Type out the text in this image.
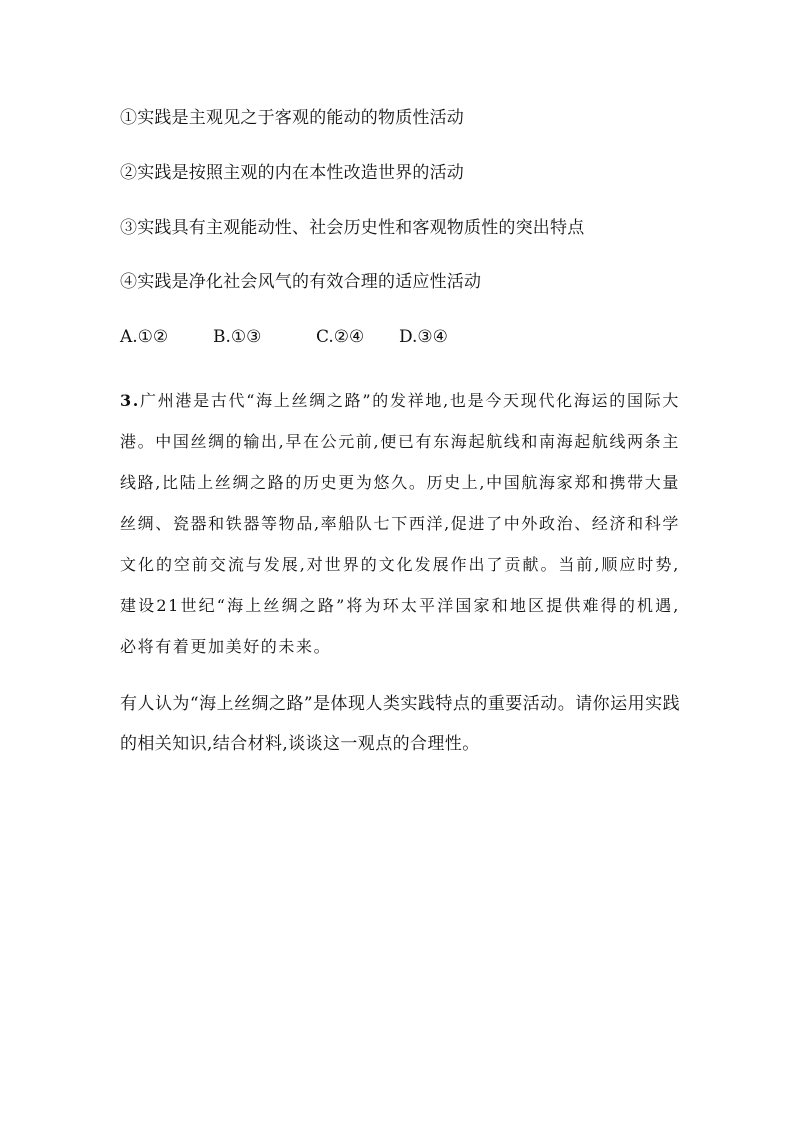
①实践是主观见之于客观的能动的物质性活动
②实践是按照主观的内在本性改造世界的活动
③实践具有主观能动性、社会历史性和客观物质性的突出特点
④实践是净化社会风气的有效合理的适应性活动
A.①②	B.①③	C.②④ D.③④
3.广州港是古代“海上丝绸之路”的发祥地,也是今天现代化海运的国际大港。中国丝绸的输出,早在公元前,便已有东海起航线和南海起航线两条主线路,比陆上丝绸之路的历史更为悠久。历史上,中国航海家郑和携带大量丝绸、瓷器和铁器等物品,率船队七下西洋,促进了中外政治、经济和科学文化的空前交流与发展,对世界的文化发展作出了贡献。当前,顺应时势,建设21世纪“海上丝绸之路”将为环太平洋国家和地区提供难得的机遇,必将有着更加美好的未来。
有人认为“海上丝绸之路”是体现人类实践特点的重要活动。请你运用实践的相关知识,结合材料,谈谈这一观点的合理性。
